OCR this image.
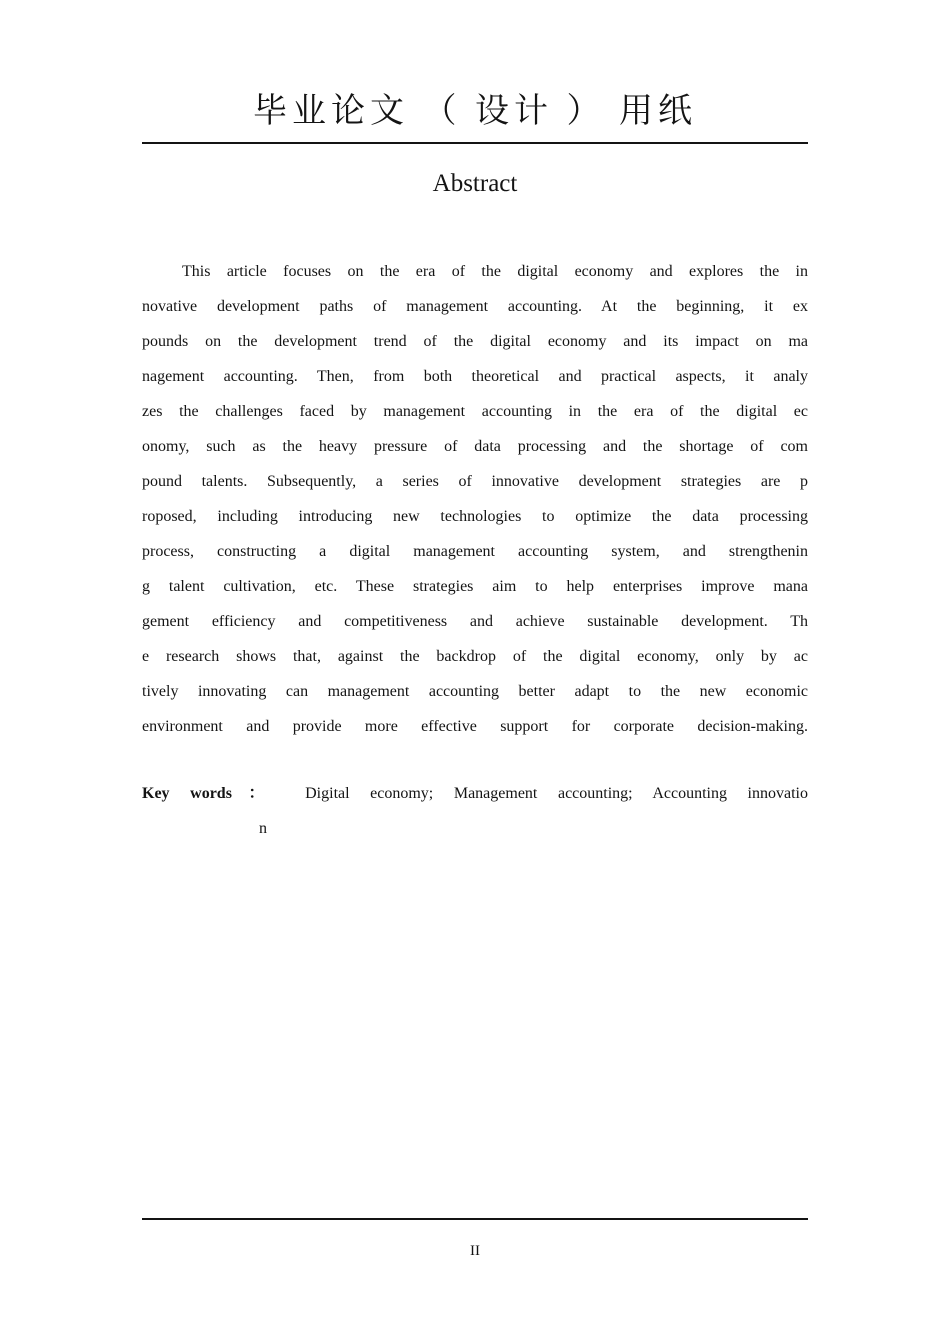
毕业论文 （ 设计 ） 用纸
Abstract
This article focuses on the era of the digital economy and explores the in
novative development paths of management accounting. At the beginning, it ex
pounds on the development trend of the digital economy and its impact on ma
nagement accounting. Then, from both theoretical and practical aspects, it analy
zes the challenges faced by management accounting in the era of the digital ec
onomy, such as the heavy pressure of data processing and the shortage of com
pound talents. Subsequently, a series of innovative development strategies are p
roposed, including introducing new technologies to optimize the data processing
process, constructing a digital management accounting system, and strengthenin
g talent cultivation, etc. These strategies aim to help enterprises improve mana
gement efficiency and competitiveness and achieve sustainable development. Th
e research shows that, against the backdrop of the digital economy, only by ac
tively innovating can management accounting better adapt to the new economic
environment and provide more effective support for corporate decision-making.
Key words： Digital economy; Management accounting; Accounting innovatio
n
II
